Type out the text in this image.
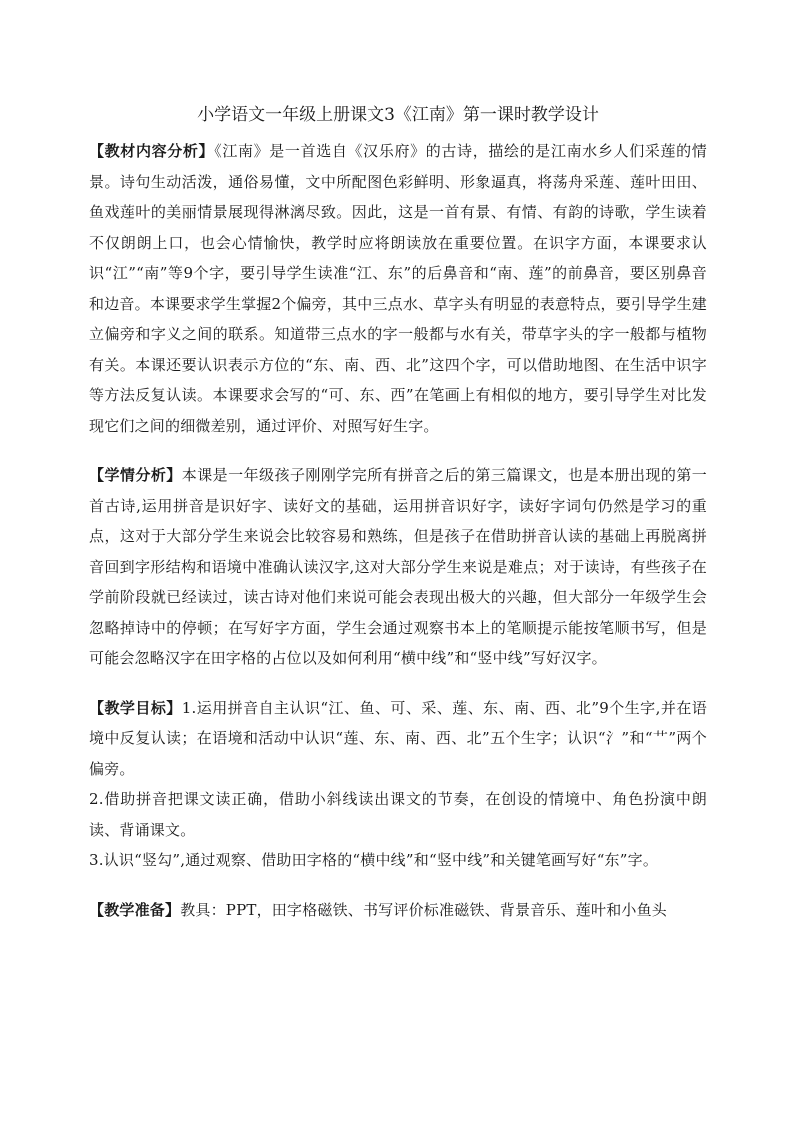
小学语文一年级上册课文3《江南》第一课时教学设计

【教材内容分析】《江南》是一首选自《汉乐府》的古诗，描绘的是江南水乡人们采莲的情景。诗句生动活泼，通俗易懂，文中所配图色彩鲜明、形象逼真，将荡舟采莲、莲叶田田、鱼戏莲叶的美丽情景展现得淋漓尽致。因此，这是一首有景、有情、有韵的诗歌，学生读着不仅朗朗上口，也会心情愉快，教学时应将朗读放在重要位置。在识字方面，本课要求认识“江”“南”等9个字，要引导学生读准“江、东”的后鼻音和“南、莲”的前鼻音，要区别鼻音和边音。本课要求学生掌握2个偏旁，其中三点水、草字头有明显的表意特点，要引导学生建立偏旁和字义之间的联系。知道带三点水的字一般都与水有关，带草字头的字一般都与植物有关。本课还要认识表示方位的“东、南、西、北”这四个字，可以借助地图、在生活中识字等方法反复认读。本课要求会写的“可、东、西”在笔画上有相似的地方，要引导学生对比发现它们之间的细微差别，通过评价、对照写好生字。

【学情分析】本课是一年级孩子刚刚学完所有拼音之后的第三篇课文，也是本册出现的第一首古诗,运用拼音是识好字、读好文的基础，运用拼音识好字，读好字词句仍然是学习的重点，这对于大部分学生来说会比较容易和熟练，但是孩子在借助拼音认读的基础上再脱离拼音回到字形结构和语境中准确认读汉字,这对大部分学生来说是难点；对于读诗，有些孩子在学前阶段就已经读过，读古诗对他们来说可能会表现出极大的兴趣，但大部分一年级学生会忽略掉诗中的停顿；在写好字方面，学生会通过观察书本上的笔顺提示能按笔顺书写，但是可能会忽略汉字在田字格的占位以及如何利用“横中线”和“竖中线”写好汉字。

【教学目标】1.运用拼音自主认识“江、鱼、可、采、莲、东、南、西、北”9个生字,并在语境中反复认读；在语境和活动中认识“莲、东、南、西、北”五个生字；认识“氵”和“艹”两个偏旁。

2.借助拼音把课文读正确，借助小斜线读出课文的节奏，在创设的情境中、角色扮演中朗读、背诵课文。

3.认识“竖勾”,通过观察、借助田字格的“横中线”和“竖中线”和关键笔画写好“东”字。

【教学准备】教具：PPT，田字格磁铁、书写评价标准磁铁、背景音乐、莲叶和小鱼头
